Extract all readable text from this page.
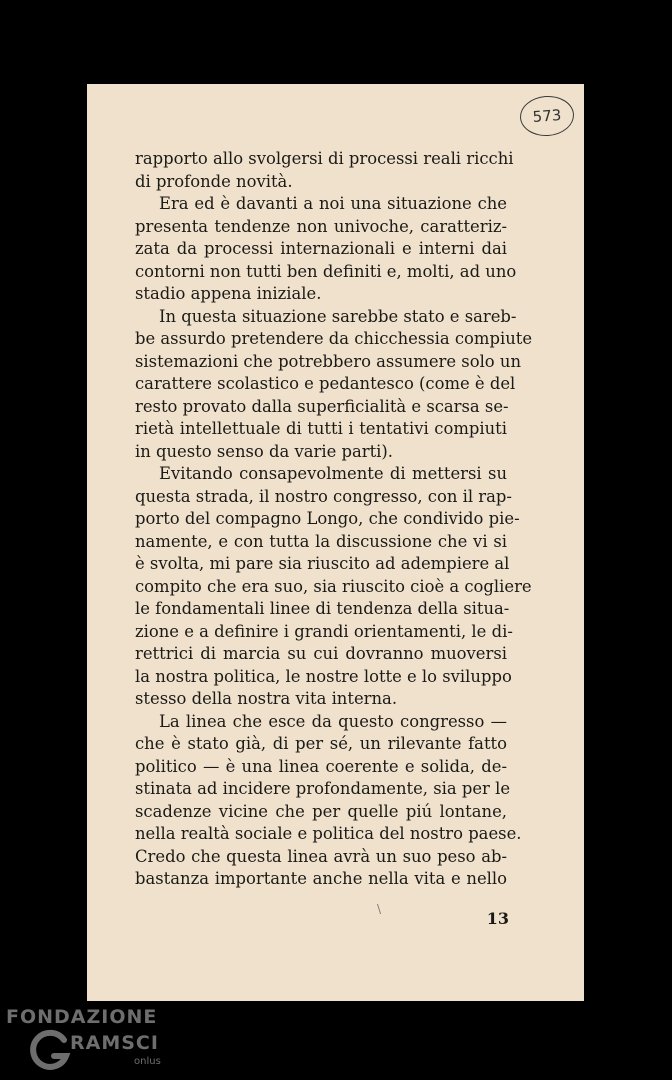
573
rapporto allo svolgersi di processi reali ricchi
di profonde novità.
Era ed è davanti a noi una situazione che
presenta tendenze non univoche, caratteriz-
zata da processi internazionali e interni dai
contorni non tutti ben definiti e, molti, ad uno
stadio appena iniziale.
In questa situazione sarebbe stato e sareb-
be assurdo pretendere da chicchessia compiute
sistemazioni che potrebbero assumere solo un
carattere scolastico e pedantesco (come è del
resto provato dalla superficialità e scarsa se-
rietà intellettuale di tutti i tentativi compiuti
in questo senso da varie parti).
Evitando consapevolmente di mettersi su
questa strada, il nostro congresso, con il rap-
porto del compagno Longo, che condivido pie-
namente, e con tutta la discussione che vi si
è svolta, mi pare sia riuscito ad adempiere al
compito che era suo, sia riuscito cioè a cogliere
le fondamentali linee di tendenza della situa-
zione e a definire i grandi orientamenti, le di-
rettrici di marcia su cui dovranno muoversi
la nostra politica, le nostre lotte e lo sviluppo
stesso della nostra vita interna.
La linea che esce da questo congresso —
che è stato già, di per sé, un rilevante fatto
politico — è una linea coerente e solida, de-
stinata ad incidere profondamente, sia per le
scadenze vicine che per quelle piú lontane,
nella realtà sociale e politica del nostro paese.
Credo che questa linea avrà un suo peso ab-
bastanza importante anche nella vita e nello
\	13
FONDAZIONE
RAMSCI
onlus
